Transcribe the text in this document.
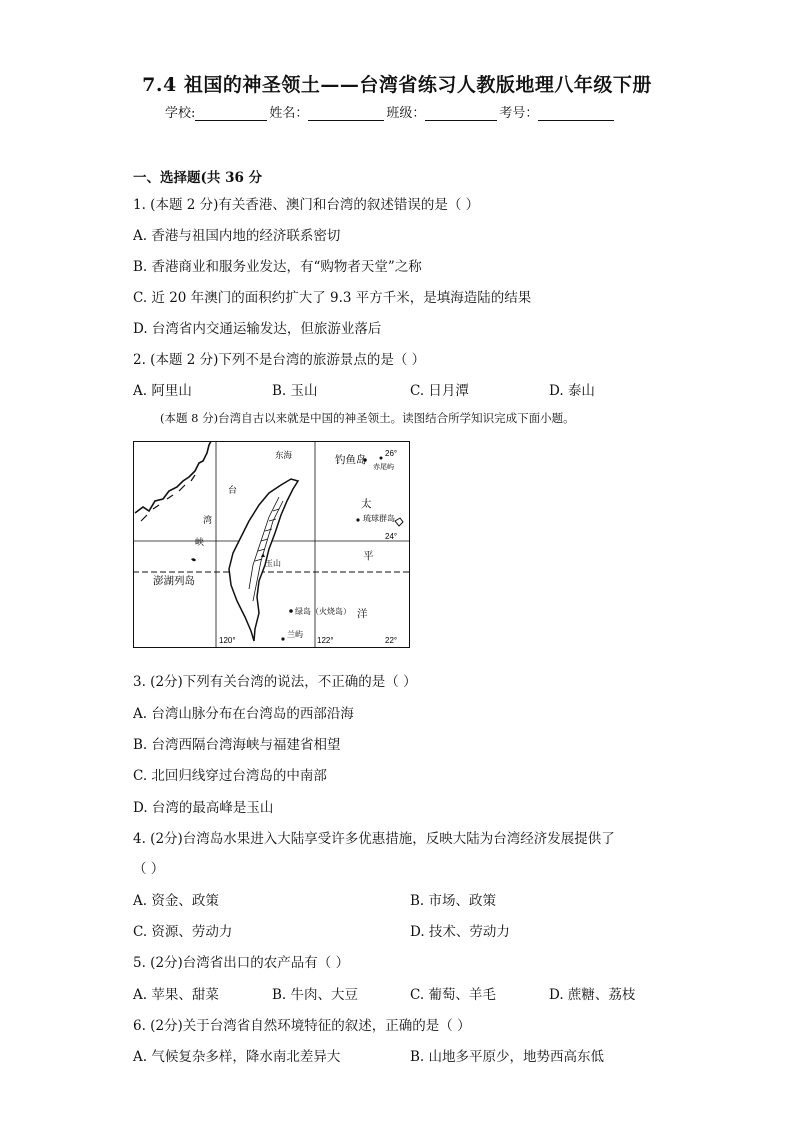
7.4 祖国的神圣领土——台湾省练习人教版地理八年级下册
学校:	姓名：	班级：	考号：
一、选择题(共 36 分
1. (本题 2 分)有关香港、澳门和台湾的叙述错误的是（ ）
A. 香港与祖国内地的经济联系密切
B. 香港商业和服务业发达，有“购物者天堂”之称
C. 近 20 年澳门的面积约扩大了 9.3 平方千米，是填海造陆的结果
D. 台湾省内交通运输发达，但旅游业落后
2. (本题 2 分)下列不是台湾的旅游景点的是（ ）
A. 阿里山	B. 玉山	C. 日月潭	D. 泰山
(本题 8 分)台湾自古以来就是中国的神圣领土。读图结合所学知识完成下面小题。
东海	钓鱼岛
赤尾屿
26°
太
琉球群岛
24°
平
洋
台
湾
峡
澎湖列岛
玉山
绿岛（火烧岛）
兰屿
120°	122°	22°
3. (2分)下列有关台湾的说法，不正确的是（ ）
A. 台湾山脉分布在台湾岛的西部沿海
B. 台湾西隔台湾海峡与福建省相望
C. 北回归线穿过台湾岛的中南部
D. 台湾的最高峰是玉山
4. (2分)台湾岛水果进入大陆享受许多优惠措施，反映大陆为台湾经济发展提供了
（ ）
A. 资金、政策	B. 市场、政策
C. 资源、劳动力	D. 技术、劳动力
5. (2分)台湾省出口的农产品有（ ）
A. 苹果、甜菜	B. 牛肉、大豆	C. 葡萄、羊毛	D. 蔗糖、荔枝
6. (2分)关于台湾省自然环境特征的叙述，正确的是（ ）
A. 气候复杂多样，降水南北差异大	B. 山地多平原少，地势西高东低
